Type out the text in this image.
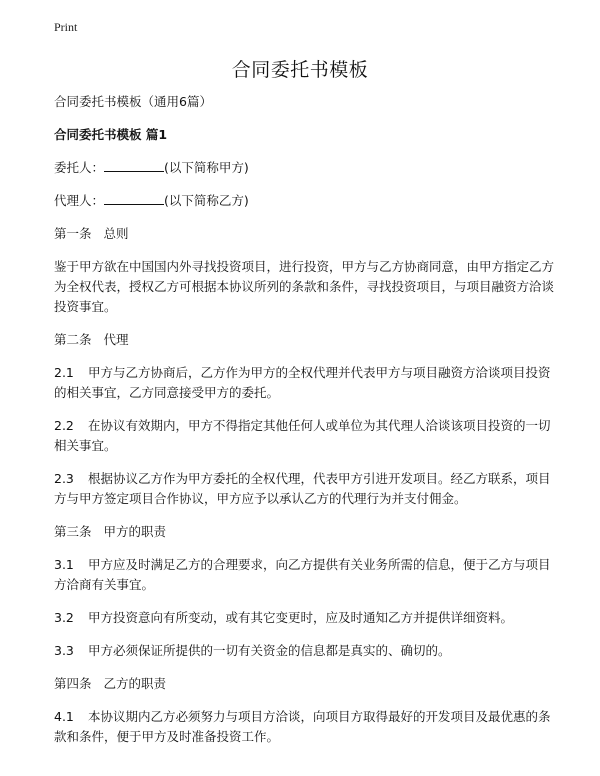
Print
合同委托书模板

合同委托书模板（通用6篇）

合同委托书模板 篇1

委托人：	(以下简称甲方)

代理人：	(以下简称乙方)

第一条 总则

鉴于甲方欲在中国国内外寻找投资项目，进行投资，甲方与乙方协商同意，由甲方指定乙方为全权代表，授权乙方可根据本协议所列的条款和条件，寻找投资项目，与项目融资方洽谈投资事宜。

第二条 代理

2.1 甲方与乙方协商后，乙方作为甲方的全权代理并代表甲方与项目融资方洽谈项目投资的相关事宜，乙方同意接受甲方的委托。

2.2 在协议有效期内，甲方不得指定其他任何人或单位为其代理人洽谈该项目投资的一切相关事宜。

2.3 根据协议乙方作为甲方委托的全权代理，代表甲方引进开发项目。经乙方联系，项目方与甲方签定项目合作协议，甲方应予以承认乙方的代理行为并支付佣金。

第三条 甲方的职责

3.1 甲方应及时满足乙方的合理要求，向乙方提供有关业务所需的信息，便于乙方与项目方洽商有关事宜。

3.2 甲方投资意向有所变动，或有其它变更时，应及时通知乙方并提供详细资料。

3.3 甲方必须保证所提供的一切有关资金的信息都是真实的、确切的。

第四条 乙方的职责

4.1 本协议期内乙方必须努力与项目方洽谈，向项目方取得最好的开发项目及最优惠的条款和条件，便于甲方及时准备投资工作。
